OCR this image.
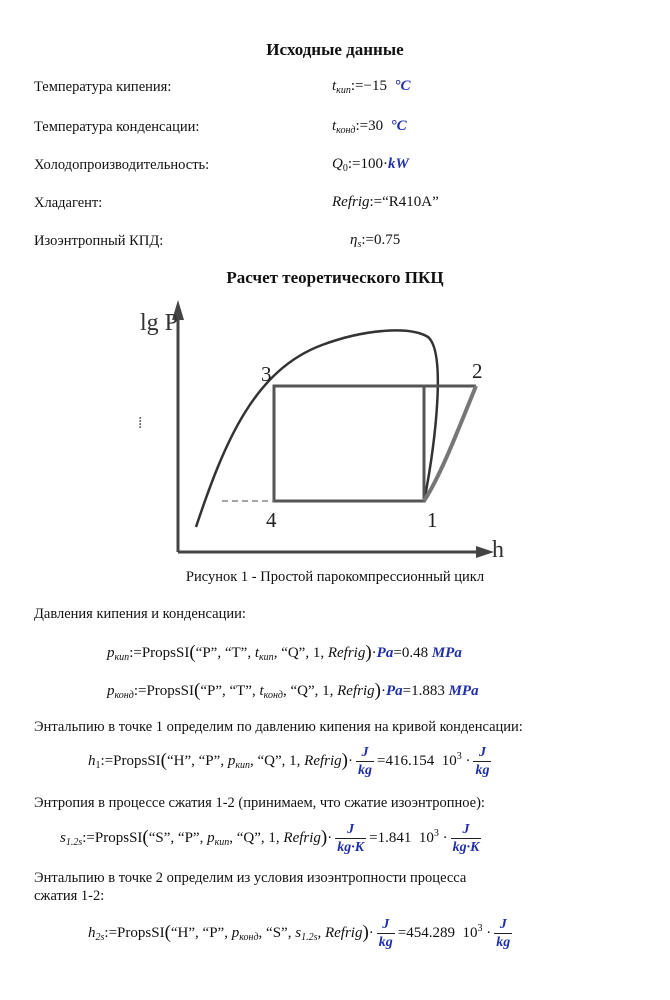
Исходные данные
Температура кипения:	$t_{кип}:=-15$ °C
Температура конденсации:	$t_{конд}:=30$ °C
Холодопроизводительность:	$Q_0:=100\cdot kW$
Хладагент:	Refrig:=“R410A”
Изоэнтропный КПД:	$\eta_s:=0.75$
Расчет теоретического ПКЦ
lg P
h
3	2
4	1
⁞
Рисунок 1 - Простой парокомпрессионный цикл
Давления кипения и конденсации:
$p_{кип}:=PropsSI(“P$”, “T”, $t_{кип}$, “Q”, 1, Refrig)·Pa=0.48 MPa
$p_{конд}:=PropsSI(“P$”, “T”, $t_{конд}$, “Q”, 1, Refrig)·Pa=1.883 MPa
Энтальпию в точке 1 определим по давлению кипения на кривой конденсации:
$h_1:=PropsSI(“H$”, “P”, $p_{кип}$, “Q”, 1, Refrig)· $\frac{J}{kg} =416.154$ $10^3 \cdot \frac{J}{kg}$
Энтропия в процессе сжатия 1-2 (принимаем, что сжатие изоэнтропное):
$s_{1.2s}:=PropsSI(“S$”, “P”, $p_{кип}$, “Q”, 1, Refrig)· $\frac{J}{kg\cdot K} =1.841$ $10^3 \cdot \frac{J}{kg\cdot K}$
Энтальпию в точке 2 определим из условия изоэнтропности процесса
сжатия 1-2:
$h_{2s}:=PropsSI(“H$”, “P”, $p_{конд}$, “S”, $s_{1.2s}$, Refrig)· $\frac{J}{kg} =454.289$ $10^3 \cdot \frac{J}{kg}$
